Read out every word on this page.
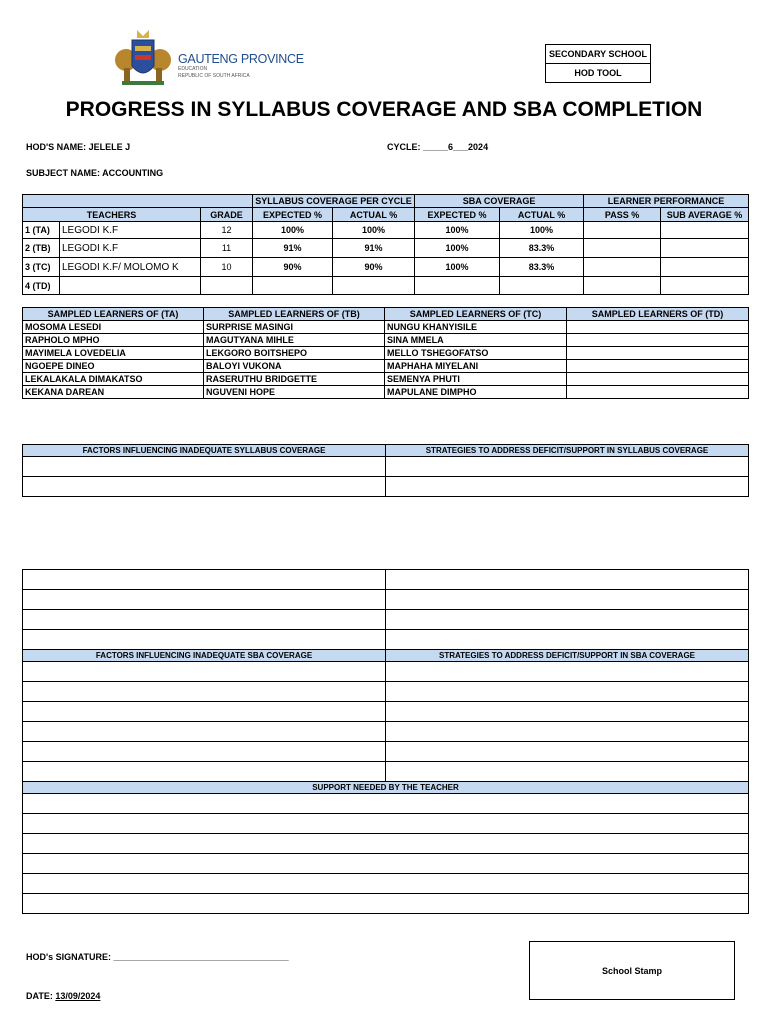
GAUTENG PROVINCE
EDUCATION
REPUBLIC OF SOUTH AFRICA
SECONDARY SCHOOL
HOD TOOL
PROGRESS IN SYLLABUS COVERAGE AND SBA COMPLETION
HOD'S NAME: JELELE J	CYCLE: _____6___2024
SUBJECT NAME: ACCOUNTING
			SYLLABUS COVERAGE PER CYCLE		SBA COVERAGE		LEARNER PERFORMANCE	
TEACHERS		GRADE	EXPECTED %	ACTUAL %	EXPECTED %	ACTUAL %	PASS %	SUB AVERAGE %
1 (TA)	LEGODI K.F	12	100%	100%	100%	100%		
2 (TB)	LEGODI K.F	11	91%	91%	100%	83.3%		
3 (TC)	LEGODI K.F/ MOLOMO K	10	90%	90%	100%	83.3%		
4 (TD)								
SAMPLED LEARNERS OF (TA)	SAMPLED LEARNERS OF (TB)	SAMPLED LEARNERS OF (TC)	SAMPLED LEARNERS OF (TD)
MOSOMA LESEDI	SURPRISE MASINGI	NUNGU KHANYISILE	
RAPHOLO MPHO	MAGUTYANA MIHLE	SINA MMELA	
MAYIMELA LOVEDELIA	LEKGORO BOITSHEPO	MELLO TSHEGOFATSO	
NGOEPE DINEO	BALOYI VUKONA	MAPHAHA MIYELANI	
LEKALAKALA DIMAKATSO	RASERUTHU BRIDGETTE	SEMENYA PHUTI	
KEKANA DAREAN	NGUVENI HOPE	MAPULANE DIMPHO	
FACTORS INFLUENCING INADEQUATE SYLLABUS COVERAGE	STRATEGIES TO ADDRESS DEFICIT/SUPPORT IN SYLLABUS COVERAGE

FACTORS INFLUENCING INADEQUATE SBA COVERAGE	STRATEGIES TO ADDRESS DEFICIT/SUPPORT IN SBA COVERAGE

SUPPORT NEEDED BY THE TEACHER	

HOD's SIGNATURE: ___________________________________
DATE: 13/09/2024
School Stamp
